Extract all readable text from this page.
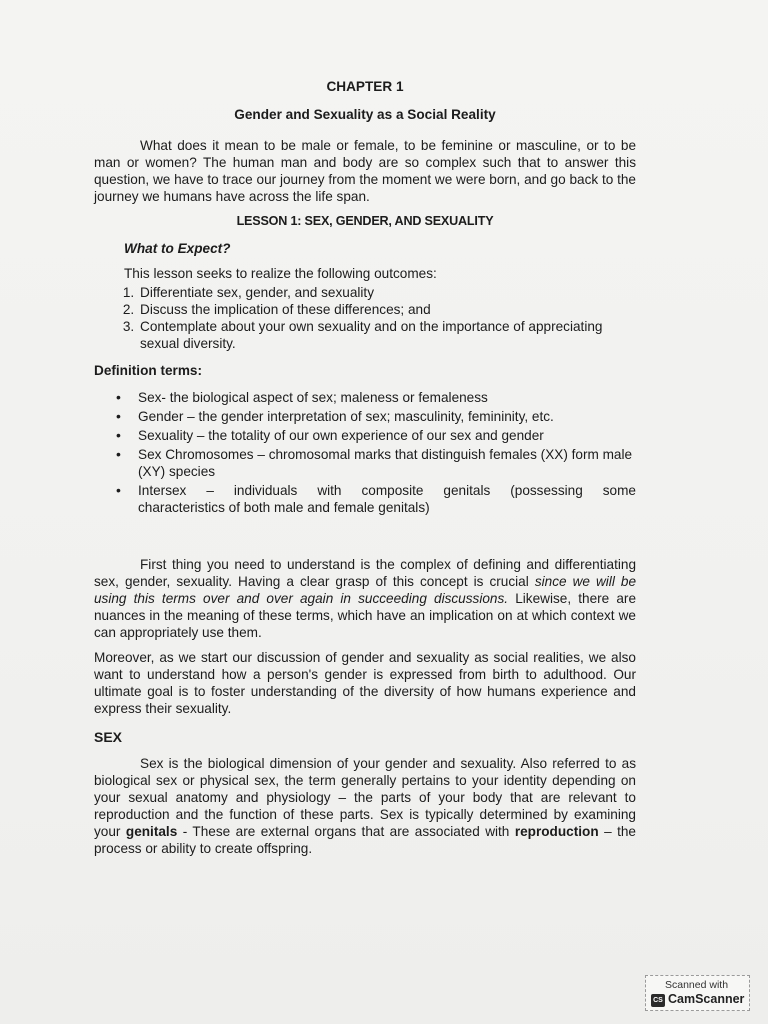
CHAPTER 1
Gender and Sexuality as a Social Reality

What does it mean to be male or female, to be feminine or masculine, or to be man or women? The human man and body are so complex such that to answer this question, we have to trace our journey from the moment we were born, and go back to the journey we humans have across the life span.

LESSON 1: SEX, GENDER, AND SEXUALITY
What to Expect?
This lesson seeks to realize the following outcomes:
1. Differentiate sex, gender, and sexuality
2. Discuss the implication of these differences; and
3. Contemplate about your own sexuality and on the importance of appreciating sexual diversity.
Definition terms:
• Sex- the biological aspect of sex; maleness or femaleness
• Gender – the gender interpretation of sex; masculinity, femininity, etc.
• Sexuality – the totality of our own experience of our sex and gender
• Sex Chromosomes – chromosomal marks that distinguish females (XX) form male (XY) species
• Intersex – individuals with composite genitals (possessing some
characteristics of both male and female genitals)

First thing you need to understand is the complex of defining and differentiating sex, gender, sexuality. Having a clear grasp of this concept is crucial since we will be using this terms over and over again in succeeding discussions. Likewise, there are nuances in the meaning of these terms, which have an implication on at which context we can appropriately use them.

Moreover, as we start our discussion of gender and sexuality as social realities, we also want to understand how a person's gender is expressed from birth to adulthood. Our ultimate goal is to foster understanding of the diversity of how humans experience and express their sexuality.

SEX

Sex is the biological dimension of your gender and sexuality. Also referred to as biological sex or physical sex, the term generally pertains to your identity depending on your sexual anatomy and physiology – the parts of your body that are relevant to reproduction and the function of these parts. Sex is typically determined by examining your genitals - These are external organs that are associated with reproduction – the process or ability to create offspring.

Scanned with
CS CamScanner
